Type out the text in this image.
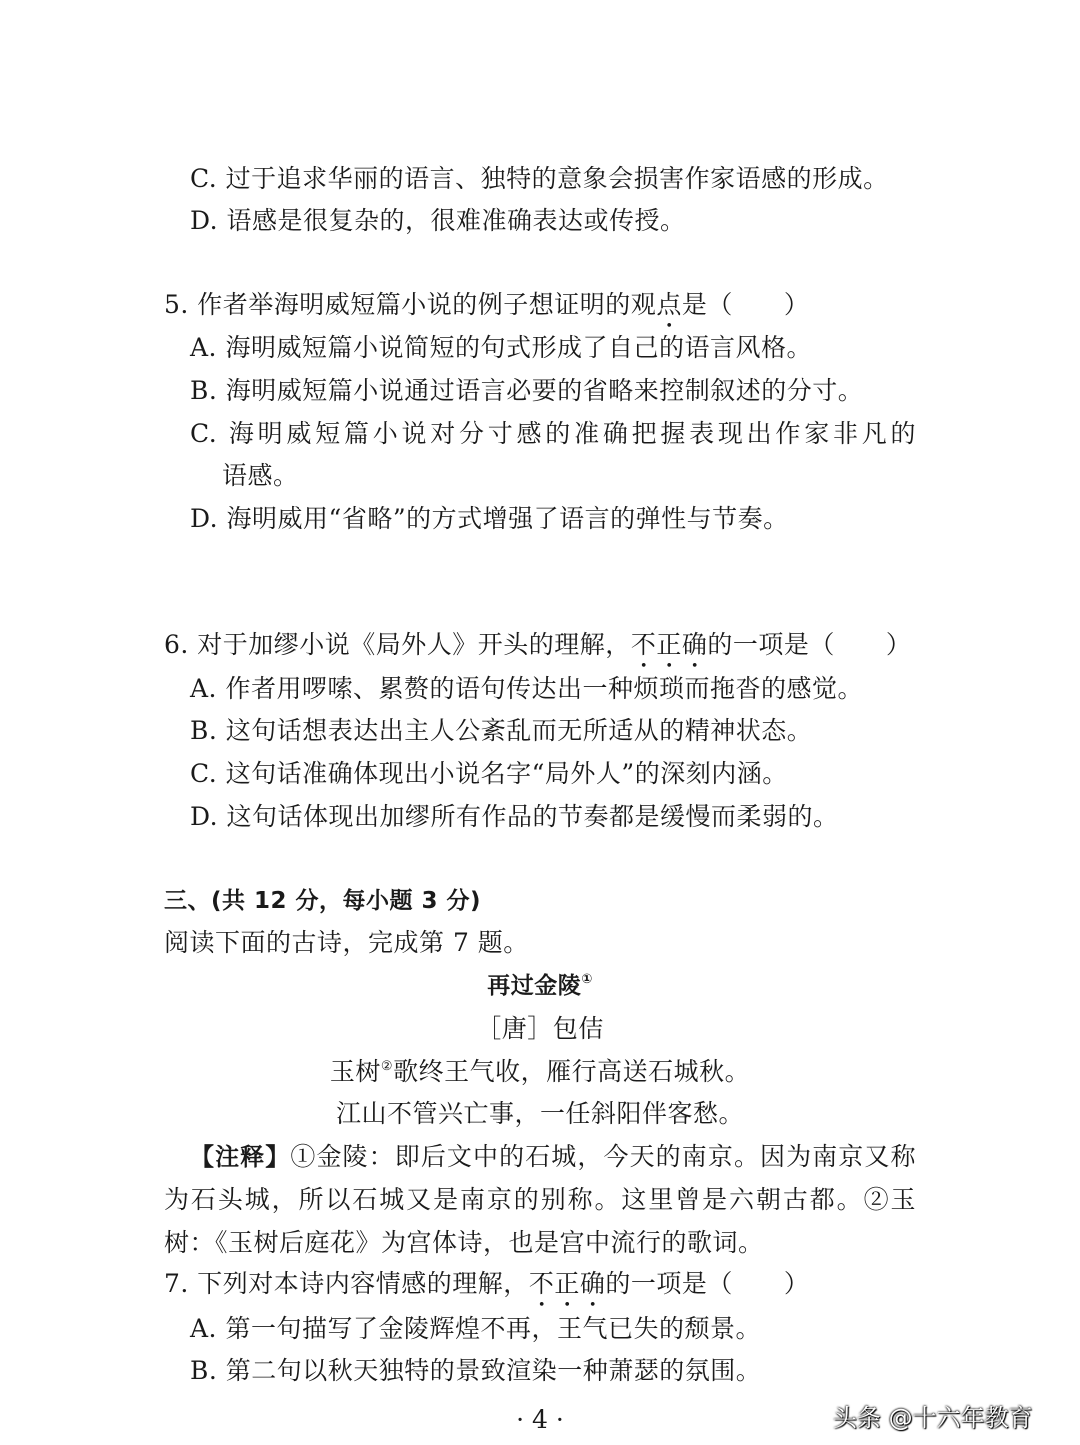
C. 过于追求华丽的语言、独特的意象会损害作家语感的形成。
D. 语感是很复杂的，很难准确表达或传授。
5. 作者举海明威短篇小说的例子想证明的观点是（　　）
A. 海明威短篇小说简短的句式形成了自己的语言风格。
B. 海明威短篇小说通过语言必要的省略来控制叙述的分寸。
C. 海明威短篇小说对分寸感的准确把握表现出作家非凡的
语感。
D. 海明威用“省略”的方式增强了语言的弹性与节奏。
6. 对于加缪小说《局外人》开头的理解，不正确的一项是（　　）
A. 作者用啰嗦、累赘的语句传达出一种烦琐而拖沓的感觉。
B. 这句话想表达出主人公紊乱而无所适从的精神状态。
C. 这句话准确体现出小说名字“局外人”的深刻内涵。
D. 这句话体现出加缪所有作品的节奏都是缓慢而柔弱的。
三、(共 12 分，每小题 3 分)
阅读下面的古诗，完成第 7 题。
再过金陵①
［唐］包佶
玉树②歌终王气收，雁行高送石城秋。
江山不管兴亡事，一任斜阳伴客愁。
【注释】①金陵：即后文中的石城，今天的南京。因为南京又称
为石头城，所以石城又是南京的别称。这里曾是六朝古都。②玉
树：《玉树后庭花》为宫体诗，也是宫中流行的歌词。
7. 下列对本诗内容情感的理解，不正确的一项是（　　）
A. 第一句描写了金陵辉煌不再，王气已失的颓景。
B. 第二句以秋天独特的景致渲染一种萧瑟的氛围。
· 4 ·	头条 @十六年教育
